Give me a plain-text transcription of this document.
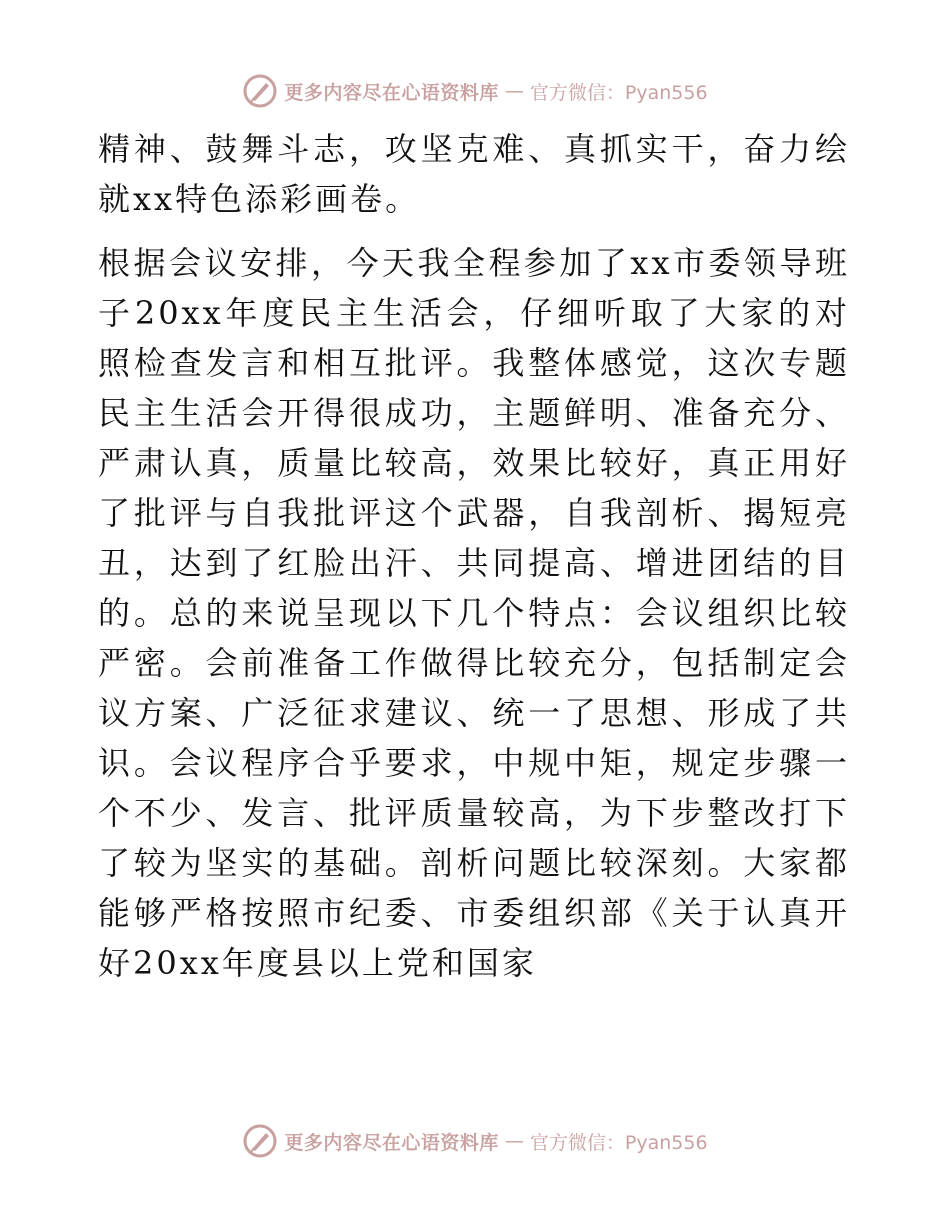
更多内容尽在心语资料库 — 官方微信：Pyan556

精神、鼓舞斗志，攻坚克难、真抓实干，奋力绘就xx特色添彩画卷。

根据会议安排，今天我全程参加了xx市委领导班子20xx年度民主生活会，仔细听取了大家的对照检查发言和相互批评。我整体感觉，这次专题民主生活会开得很成功，主题鲜明、准备充分、严肃认真，质量比较高，效果比较好，真正用好了批评与自我批评这个武器，自我剖析、揭短亮丑，达到了红脸出汗、共同提高、增进团结的目的。总的来说呈现以下几个特点：会议组织比较严密。会前准备工作做得比较充分，包括制定会议方案、广泛征求建议、统一了思想、形成了共识。会议程序合乎要求，中规中矩，规定步骤一个不少、发言、批评质量较高，为下步整改打下了较为坚实的基础。剖析问题比较深刻。大家都能够严格按照市纪委、市委组织部《关于认真开好20xx年度县以上党和国家

更多内容尽在心语资料库 — 官方微信：Pyan556
